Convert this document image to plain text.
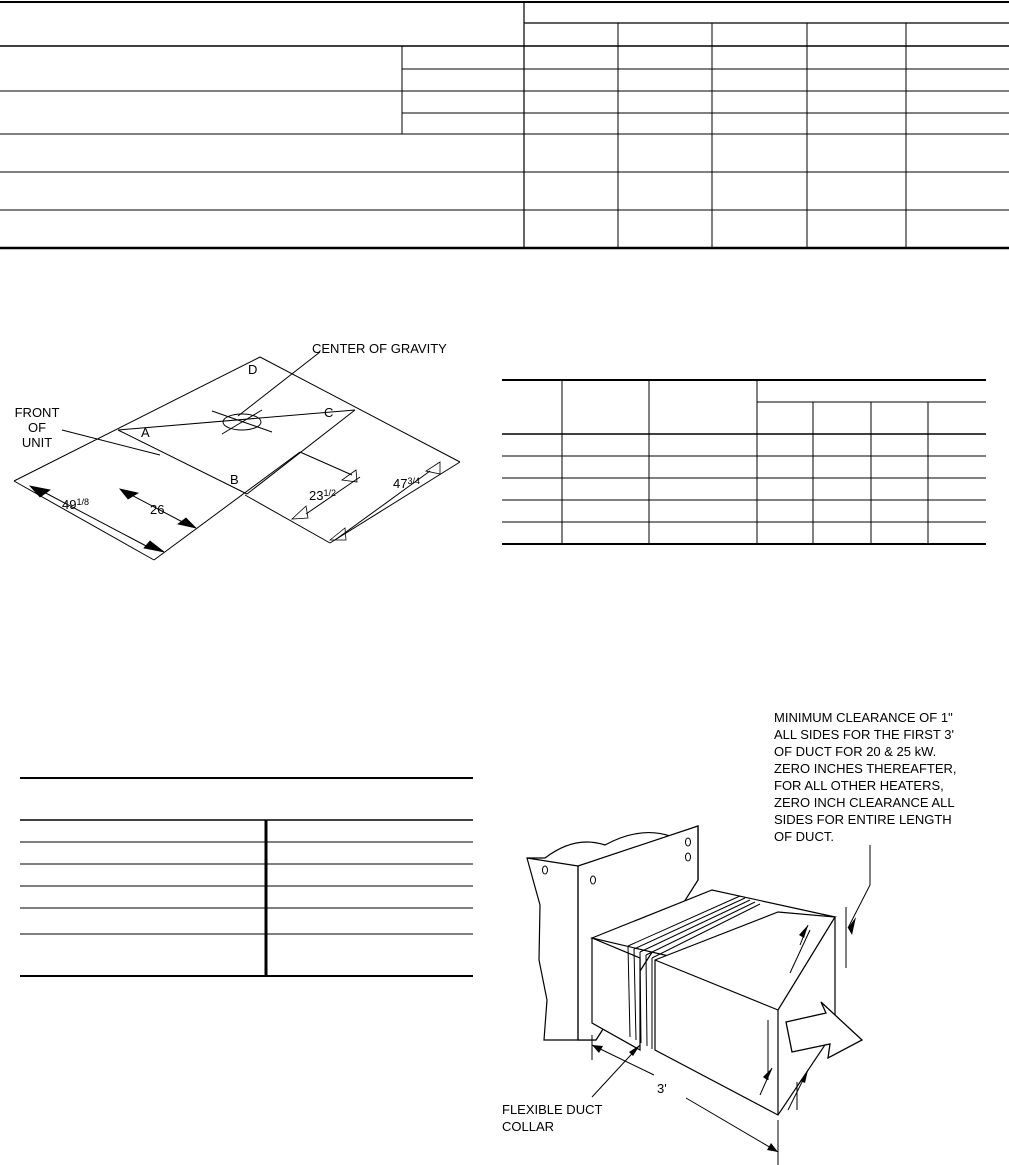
CENTER OF GRAVITY
FRONT
OF
UNIT
A
B
C
D
$49^{1/8}$	26
$23^{1/2}$
$47^{3/4}$
MINIMUM CLEARANCE OF 1"
ALL SIDES FOR THE FIRST 3'
OF DUCT FOR 20 & 25 kW.
ZERO INCHES THEREAFTER,
FOR ALL OTHER HEATERS,
ZERO INCH CLEARANCE ALL
SIDES FOR ENTIRE LENGTH
OF DUCT.
FLEXIBLE DUCT
COLLAR
3'
